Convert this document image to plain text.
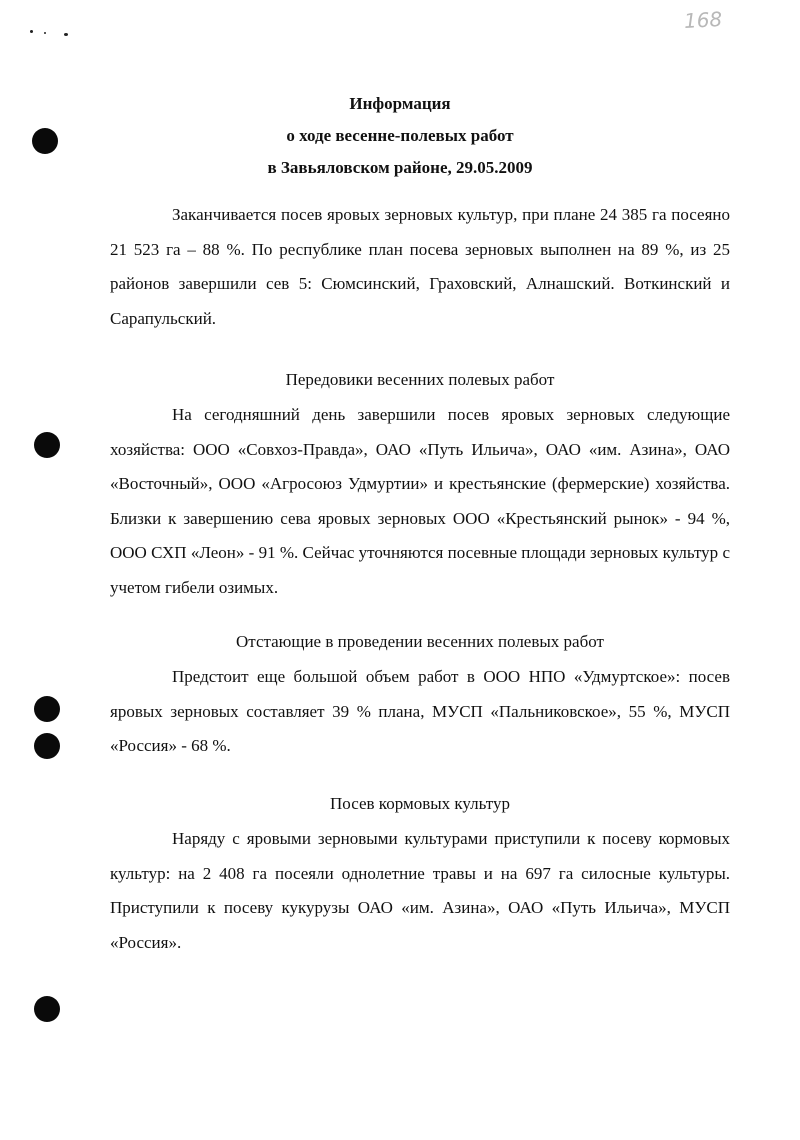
168
Информация
о ходе весенне-полевых работ
в Завьяловском районе, 29.05.2009

Заканчивается посев яровых зерновых культур, при плане 24 385 га посеяно 21 523 га – 88 %. По республике план посева зерновых выполнен на 89 %, из 25 районов завершили сев 5: Сюмсинский, Граховский, Алнашский. Воткинский и Сарапульский.

Передовики весенних полевых работ

На сегодняшний день завершили посев яровых зерновых следующие хозяйства: ООО «Совхоз-Правда», ОАО «Путь Ильича», ОАО «им. Азина», ОАО «Восточный», ООО «Агросоюз Удмуртии» и крестьянские (фермерские) хозяйства. Близки к завершению сева яровых зерновых ООО «Крестьянский рынок» - 94 %, ООО СХП «Леон» - 91 %. Сейчас уточняются посевные площади зерновых культур с учетом гибели озимых.

Отстающие в проведении весенних полевых работ

Предстоит еще большой объем работ в ООО НПО «Удмуртское»: посев яровых зерновых составляет 39 % плана, МУСП «Пальниковское», 55 %, МУСП «Россия» - 68 %.

Посев кормовых культур

Наряду с яровыми зерновыми культурами приступили к посеву кормовых культур: на 2 408 га посеяли однолетние травы и на 697 га силосные культуры. Приступили к посеву кукурузы ОАО «им. Азина», ОАО «Путь Ильича», МУСП «Россия».
